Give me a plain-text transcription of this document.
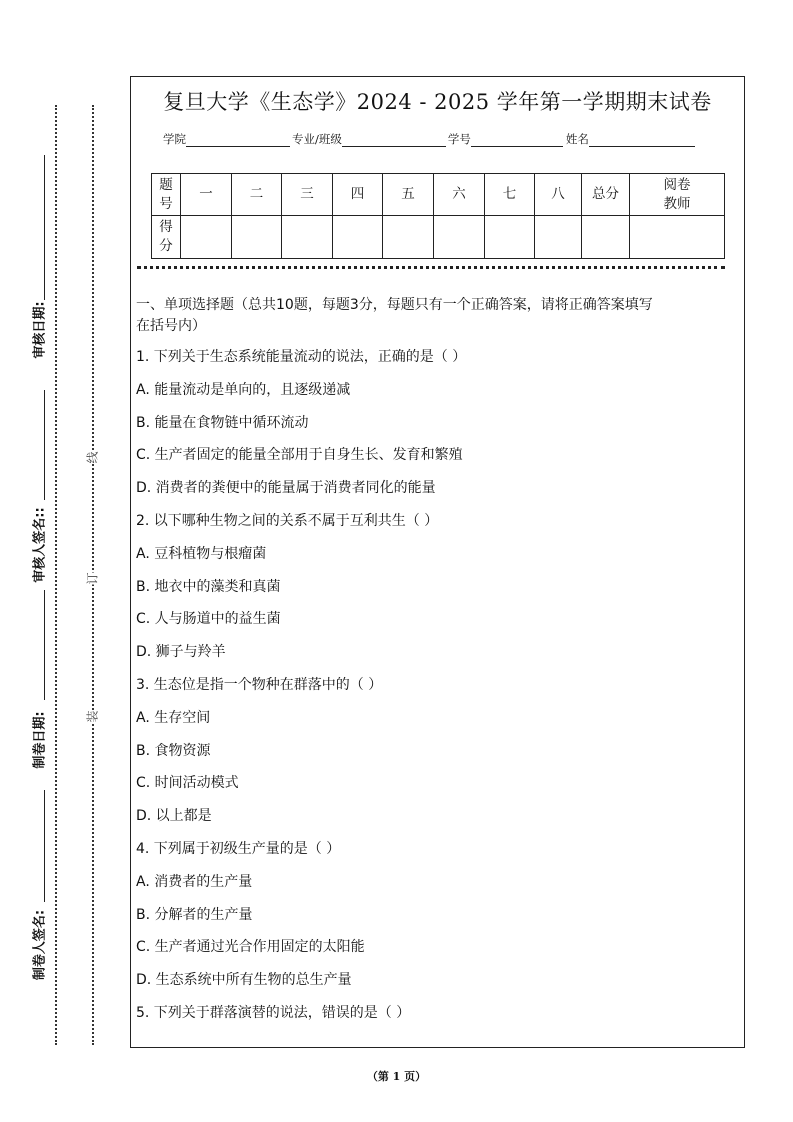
审核日期:
审核人签名::
制卷日期:
制卷人签名:
线
订
装
复旦大学《生态学》2024 - 2025 学年第一学期期末试卷
学院	专业/班级	学号	姓名
题号	一	二	三	四	五	六	七	八	总分	阅卷教师
得分										
一、单项选择题（总共10题，每题3分，每题只有一个正确答案，请将正确答案填写
在括号内）
1. 下列关于生态系统能量流动的说法，正确的是（ ）
A. 能量流动是单向的，且逐级递减
B. 能量在食物链中循环流动
C. 生产者固定的能量全部用于自身生长、发育和繁殖
D. 消费者的粪便中的能量属于消费者同化的能量
2. 以下哪种生物之间的关系不属于互利共生（ ）
A. 豆科植物与根瘤菌
B. 地衣中的藻类和真菌
C. 人与肠道中的益生菌
D. 狮子与羚羊
3. 生态位是指一个物种在群落中的（ ）
A. 生存空间
B. 食物资源
C. 时间活动模式
D. 以上都是
4. 下列属于初级生产量的是（ ）
A. 消费者的生产量
B. 分解者的生产量
C. 生产者通过光合作用固定的太阳能
D. 生态系统中所有生物的总生产量
5. 下列关于群落演替的说法，错误的是（ ）
（第 1 页）
